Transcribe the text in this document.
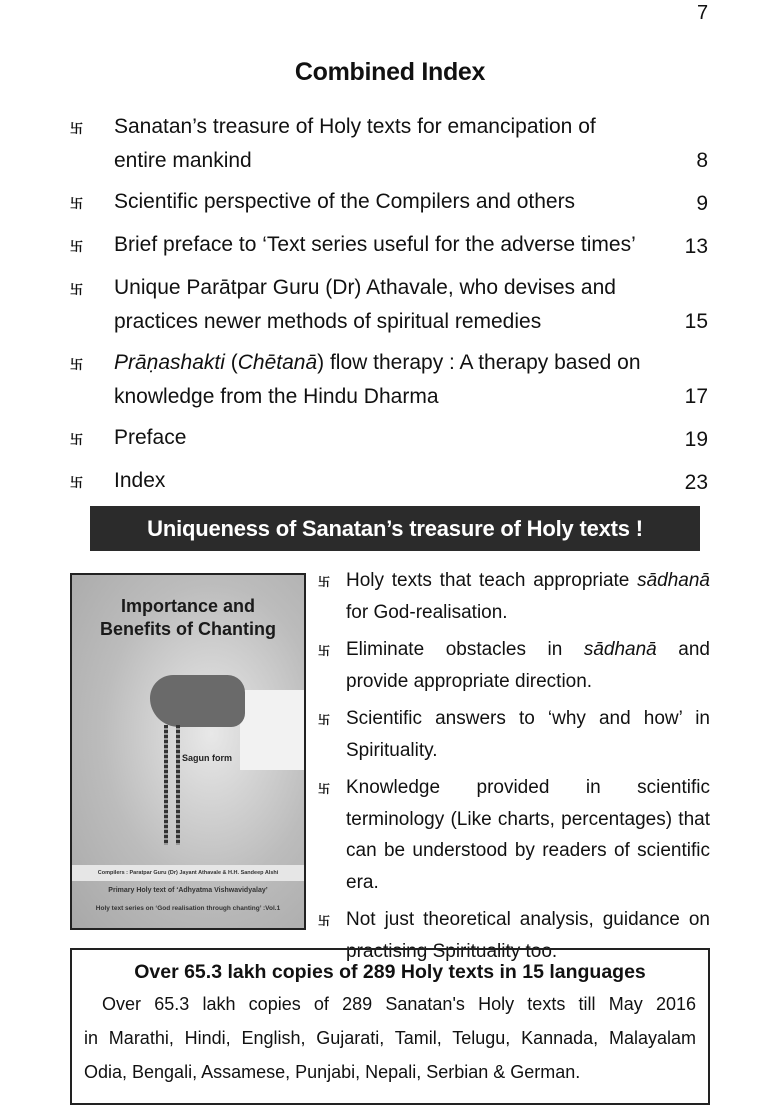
7
Combined Index
卐	Sanatan’s treasure of Holy texts for emancipation of entire mankind	8
卐	Scientific perspective of the Compilers and others	9
卐	Brief preface to ‘Text series useful for the adverse times’	13
卐	Unique Parātpar Guru (Dr) Athavale, who devises and practices newer methods of spiritual remedies	15
卐	Prāṇashakti (Chētanā) flow therapy : A therapy based on knowledge from the Hindu Dharma	17
卐	Preface	19
卐	Index	23
Uniqueness of Sanatan’s treasure of Holy texts !
Importance and
Benefits of Chanting
Sagun form
Compilers : Paratpar Guru (Dr) Jayant Athavale & H.H. Sandeep Alshi
Primary Holy text of ‘Adhyatma Vishwavidyalay’
Holy text series on ‘God realisation through chanting’ :Vol.1
卐 Holy texts that teach appropriate sādhanā for God-realisation.
卐 Eliminate obstacles in sādhanā and provide appropriate direction.
卐 Scientific answers to ‘why and how’ in Spirituality.
卐 Knowledge provided in scientific terminology (Like charts, percentages) that can be understood by readers of scientific era.
卐 Not just theoretical analysis, guidance on practising Spirituality too.
Over 65.3 lakh copies of 289 Holy texts in 15 languages
Over 65.3 lakh copies of 289 Sanatan's Holy texts till May 2016
in Marathi, Hindi, English, Gujarati, Tamil, Telugu, Kannada, Malayalam
Odia, Bengali, Assamese, Punjabi, Nepali, Serbian & German.
